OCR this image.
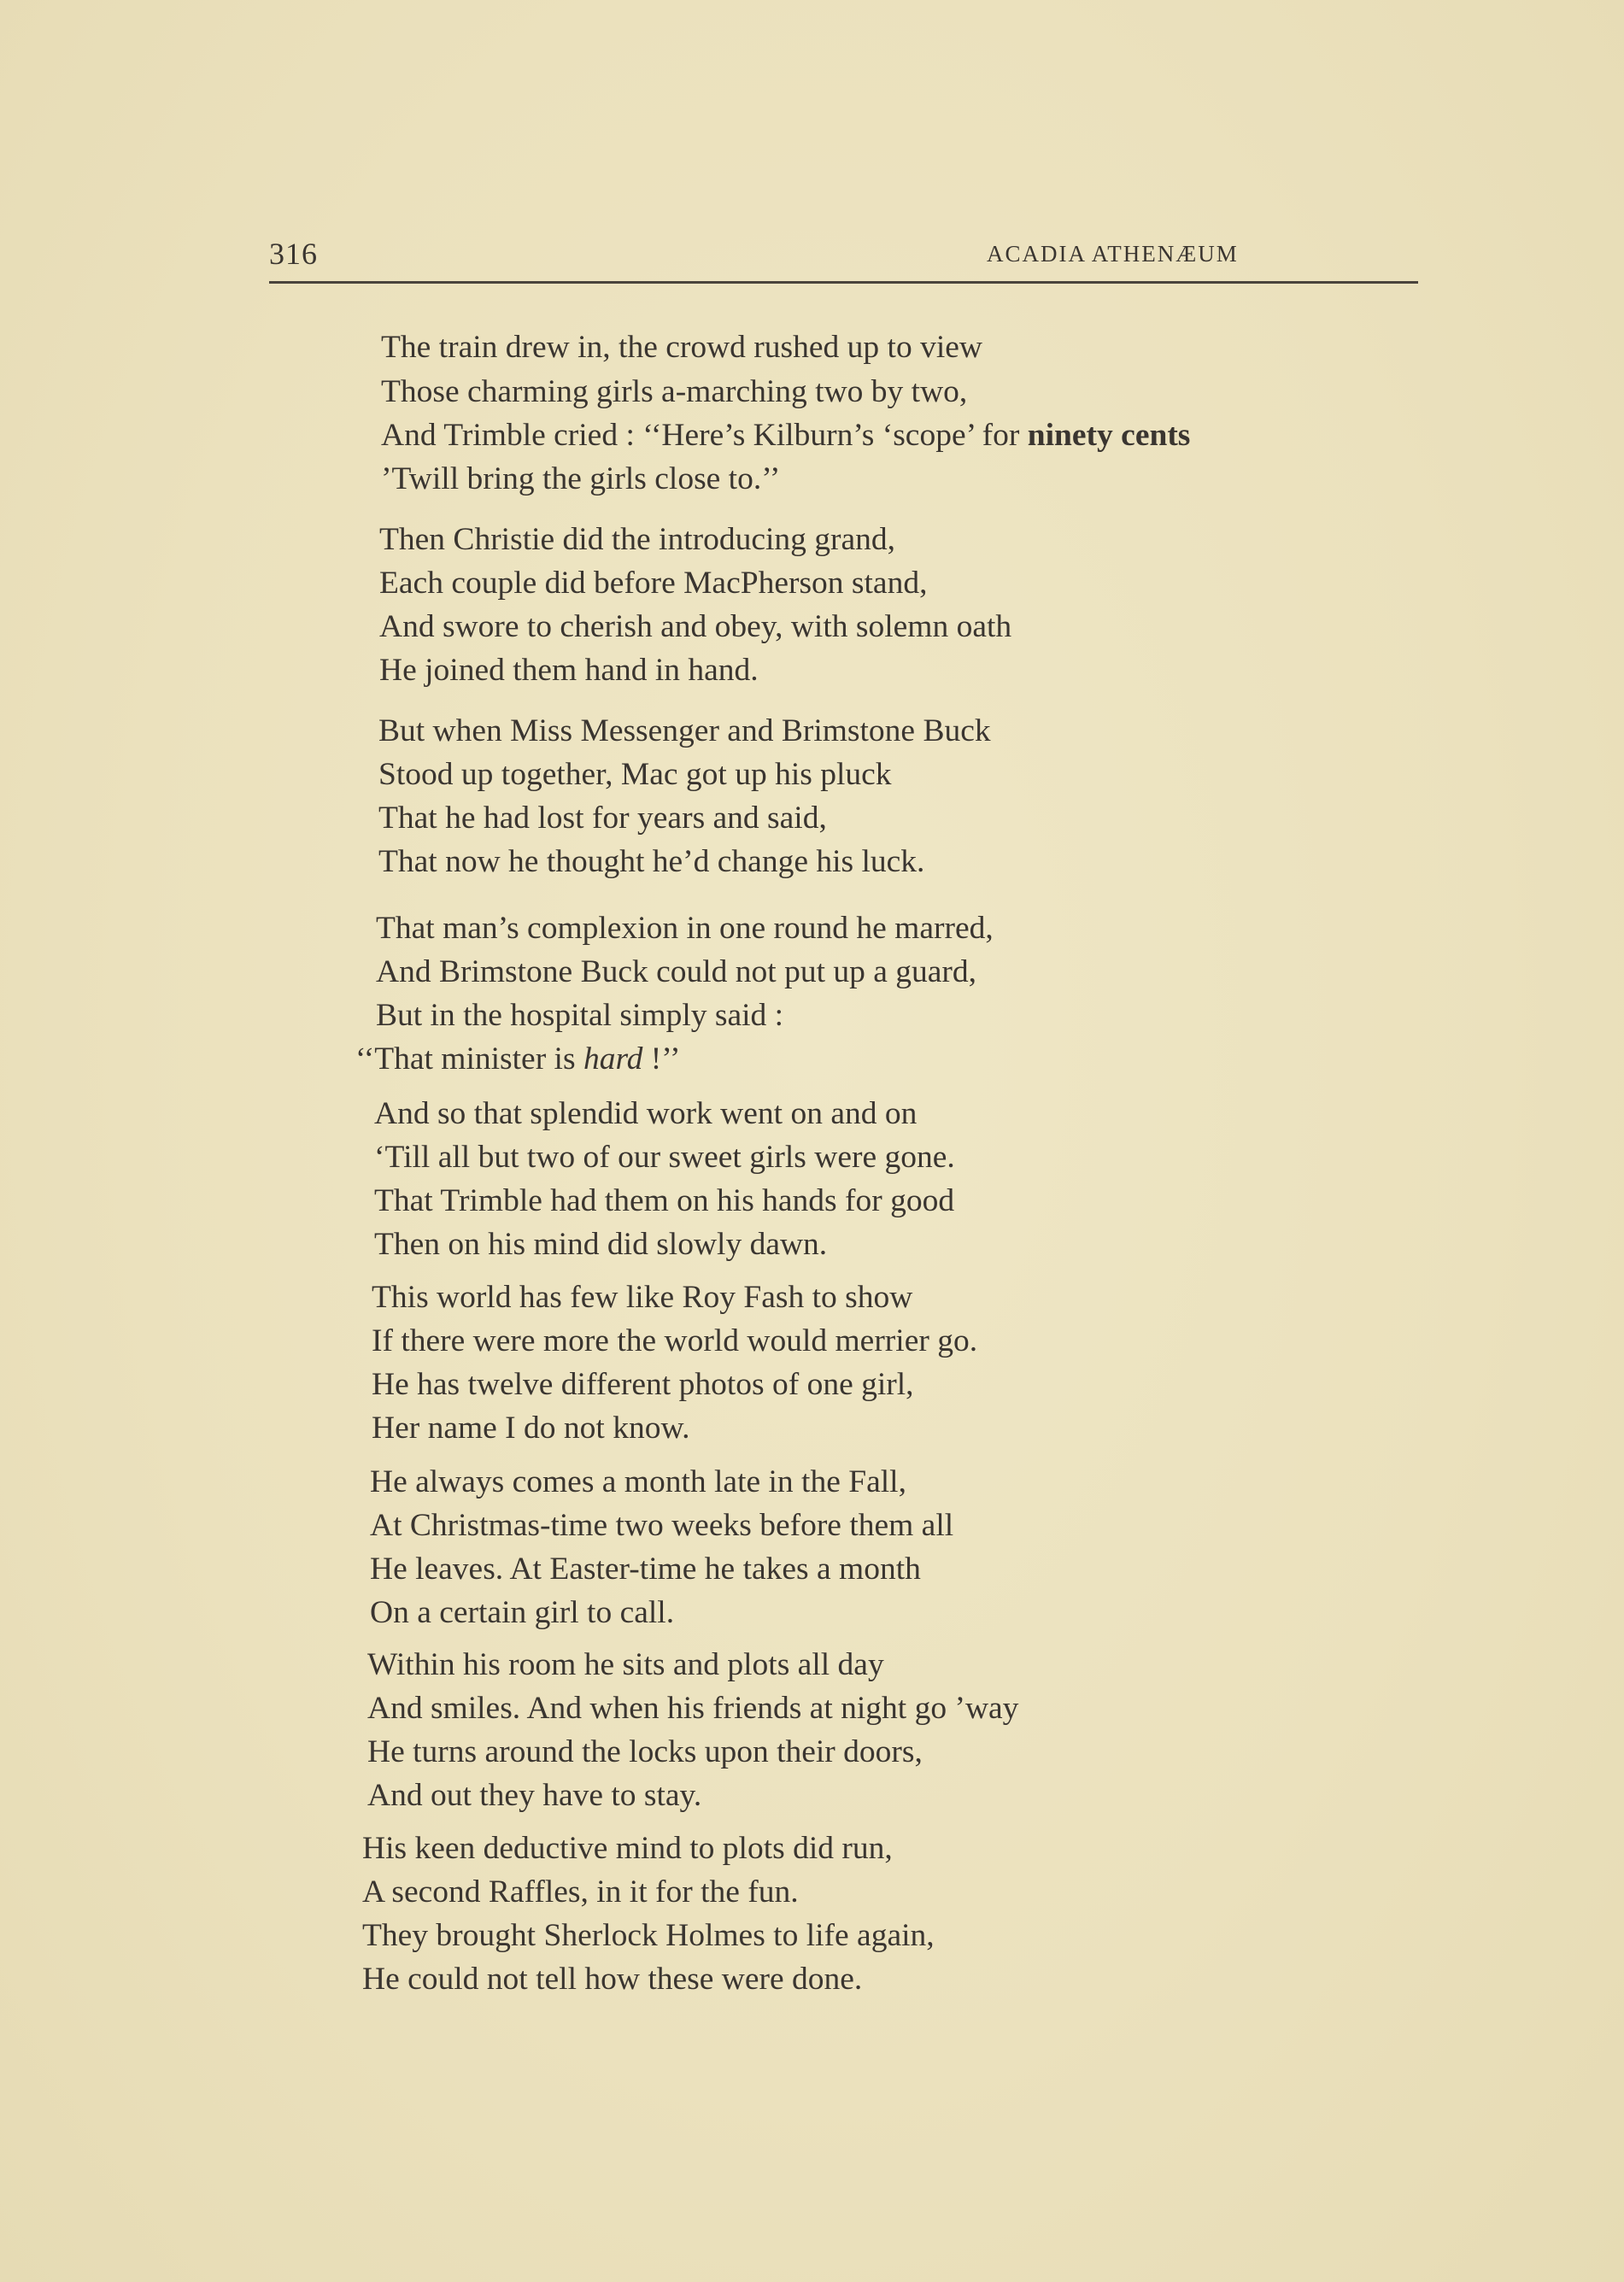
316	ACADIA ATHENÆUM
The train drew in, the crowd rushed up to view
Those charming girls a-marching two by two,
And Trimble cried : ‘‘Here’s Kilburn’s ‘scope’ for ninety cents
’Twill bring the girls close to.’’
Then Christie did the introducing grand,
Each couple did before MacPherson stand,
And swore to cherish and obey, with solemn oath
He joined them hand in hand.
But when Miss Messenger and Brimstone Buck
Stood up together, Mac got up his pluck
That he had lost for years and said,
That now he thought he’d change his luck.
That man’s complexion in one round he marred,
And Brimstone Buck could not put up a guard,
But in the hospital simply said :
‘‘That minister is hard !’’
And so that splendid work went on and on
‘Till all but two of our sweet girls were gone.
That Trimble had them on his hands for good
Then on his mind did slowly dawn.
This world has few like Roy Fash to show
If there were more the world would merrier go.
He has twelve different photos of one girl,
Her name I do not know.
He always comes a month late in the Fall,
At Christmas-time two weeks before them all
He leaves. At Easter-time he takes a month
On a certain girl to call.
Within his room he sits and plots all day
And smiles. And when his friends at night go ’way
He turns around the locks upon their doors,
And out they have to stay.
His keen deductive mind to plots did run,
A second Raffles, in it for the fun.
They brought Sherlock Holmes to life again,
He could not tell how these were done.
